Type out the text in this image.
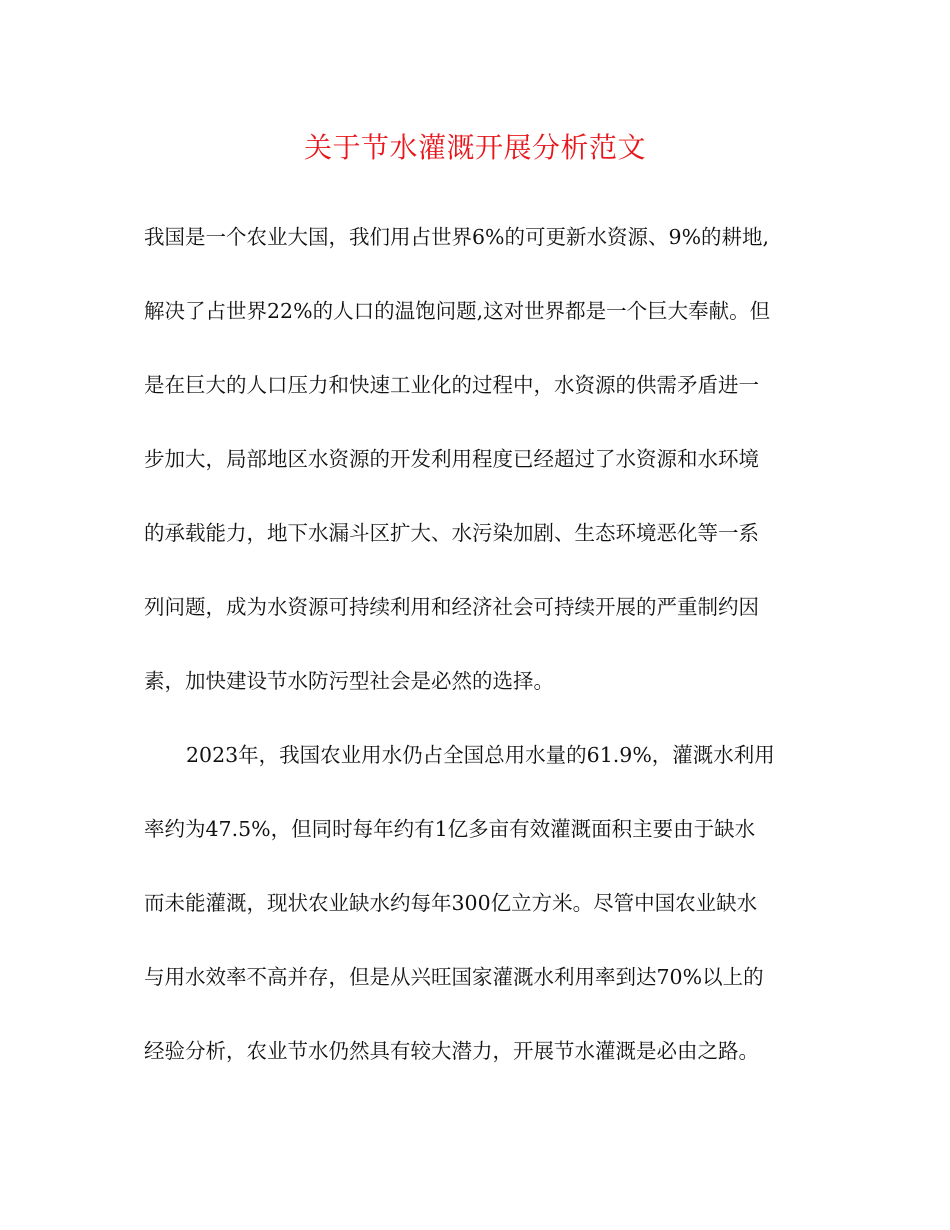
关于节水灌溉开展分析范文
我国是一个农业大国，我们用占世界6%的可更新水资源、9%的耕地,
解决了占世界22%的人口的温饱问题,这对世界都是一个巨大奉献。但
是在巨大的人口压力和快速工业化的过程中，水资源的供需矛盾进一
步加大，局部地区水资源的开发利用程度已经超过了水资源和水环境
的承载能力，地下水漏斗区扩大、水污染加剧、生态环境恶化等一系
列问题，成为水资源可持续利用和经济社会可持续开展的严重制约因
素，加快建设节水防污型社会是必然的选择。
2023年，我国农业用水仍占全国总用水量的61.9%，灌溉水利用
率约为47.5%，但同时每年约有1亿多亩有效灌溉面积主要由于缺水
而未能灌溉，现状农业缺水约每年300亿立方米。尽管中国农业缺水
与用水效率不高并存，但是从兴旺国家灌溉水利用率到达70%以上的
经验分析，农业节水仍然具有较大潜力，开展节水灌溉是必由之路。
